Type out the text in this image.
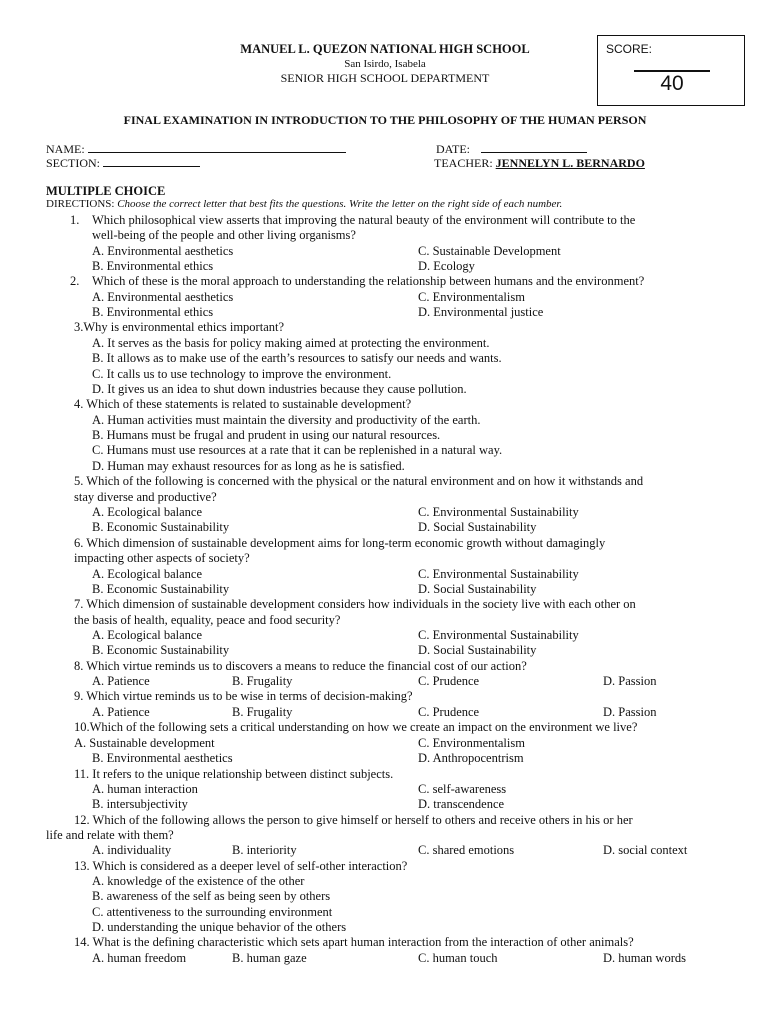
MANUEL L. QUEZON NATIONAL HIGH SCHOOL
San Isirdo, Isabela
SENIOR HIGH SCHOOL DEPARTMENT
SCORE:
40
FINAL EXAMINATION IN INTRODUCTION TO THE PHILOSOPHY OF THE HUMAN PERSON
NAME:	DATE:
SECTION:	TEACHER: JENNELYN L. BERNARDO
MULTIPLE CHOICE
DIRECTIONS: Choose the correct letter that best fits the questions. Write the letter on the right side of each number.
1. Which philosophical view asserts that improving the natural beauty of the environment will contribute to the
well-being of the people and other living organisms?
A. Environmental aesthetics	C. Sustainable Development
B. Environmental ethics	D. Ecology
2. Which of these is the moral approach to understanding the relationship between humans and the environment?
A. Environmental aesthetics	C. Environmentalism
B. Environmental ethics	D. Environmental justice
3.Why is environmental ethics important?
A. It serves as the basis for policy making aimed at protecting the environment.
B. It allows as to make use of the earth’s resources to satisfy our needs and wants.
C. It calls us to use technology to improve the environment.
D. It gives us an idea to shut down industries because they cause pollution.
4. Which of these statements is related to sustainable development?
A. Human activities must maintain the diversity and productivity of the earth.
B. Humans must be frugal and prudent in using our natural resources.
C. Humans must use resources at a rate that it can be replenished in a natural way.
D. Human may exhaust resources for as long as he is satisfied.
5. Which of the following is concerned with the physical or the natural environment and on how it withstands and
stay diverse and productive?
A. Ecological balance	C. Environmental Sustainability
B. Economic Sustainability	D. Social Sustainability
6. Which dimension of sustainable development aims for long-term economic growth without damagingly
impacting other aspects of society?
A. Ecological balance	C. Environmental Sustainability
B. Economic Sustainability	D. Social Sustainability
7. Which dimension of sustainable development considers how individuals in the society live with each other on
the basis of health, equality, peace and food security?
A. Ecological balance	C. Environmental Sustainability
B. Economic Sustainability	D. Social Sustainability
8. Which virtue reminds us to discovers a means to reduce the financial cost of our action?
A. Patience	B. Frugality	C. Prudence	D. Passion
9. Which virtue reminds us to be wise in terms of decision-making?
A. Patience	B. Frugality	C. Prudence	D. Passion
10.Which of the following sets a critical understanding on how we create an impact on the environment we live?
A. Sustainable development	C. Environmentalism
B. Environmental aesthetics	D. Anthropocentrism
11. It refers to the unique relationship between distinct subjects.
A. human interaction	C. self-awareness
B. intersubjectivity	D. transcendence
12. Which of the following allows the person to give himself or herself to others and receive others in his or her
life and relate with them?
A. individuality	B. interiority	C. shared emotions	D. social context
13. Which is considered as a deeper level of self-other interaction?
A. knowledge of the existence of the other
B. awareness of the self as being seen by others
C. attentiveness to the surrounding environment
D. understanding the unique behavior of the others
14. What is the defining characteristic which sets apart human interaction from the interaction of other animals?
A. human freedom	B. human gaze	C. human touch	D. human words
